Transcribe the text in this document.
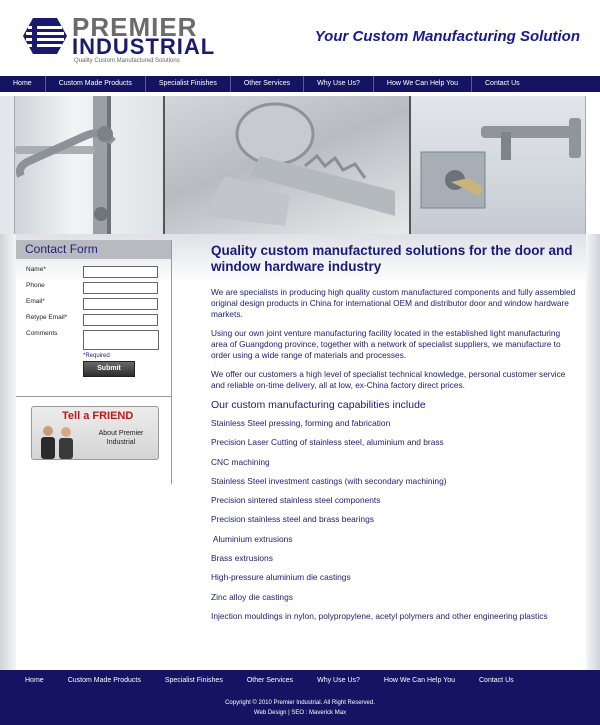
PREMIER
INDUSTRIAL
Quality Custom Manufactured Solutions
Your Custom Manufacturing Solution
Home	Custom Made Products	Specialist Finishes	Other Services	Why Use Us?	How We Can Help You	Contact Us
Contact Form
Name*
Phone
Email*
Retype Email*
Comments
*Required
Submit
Tell a FRIEND
About Premier Industrial
Quality custom manufactured solutions for the door and window hardware industry

We are specialists in producing high quality custom manufactured components and fully assembled original design products in China for international OEM and distributor door and window hardware markets.

Using our own joint venture manufacturing facility located in the established light manufacturing area of Guangdong province, together with a network of specialist suppliers, we manufacture to order using a wide range of materials and processes.

We offer our customers a high level of specialist technical knowledge, personal customer service and reliable on-time delivery, all at low, ex-China factory direct prices.

Our custom manufacturing capabilities include
Stainless Steel pressing, forming and fabrication
Precision Laser Cutting of stainless steel, aluminium and brass
CNC machining
Stainless Steel investment castings (with secondary machining)
Precision sintered stainless steel components
Precision stainless steel and brass bearings
Aluminium extrusions
Brass extrusions
High-pressure aluminium die castings
Zinc alloy die castings
Injection mouldings in nylon, polypropylene, acetyl polymers and other engineering plastics
Home	Custom Made Products	Specialist Finishes	Other Services	Why Use Us?	How We Can Help You	Contact Us
Copyright © 2010 Premier Industrial. All Right Reserved.
Web Design | SEO : Maverick Max
